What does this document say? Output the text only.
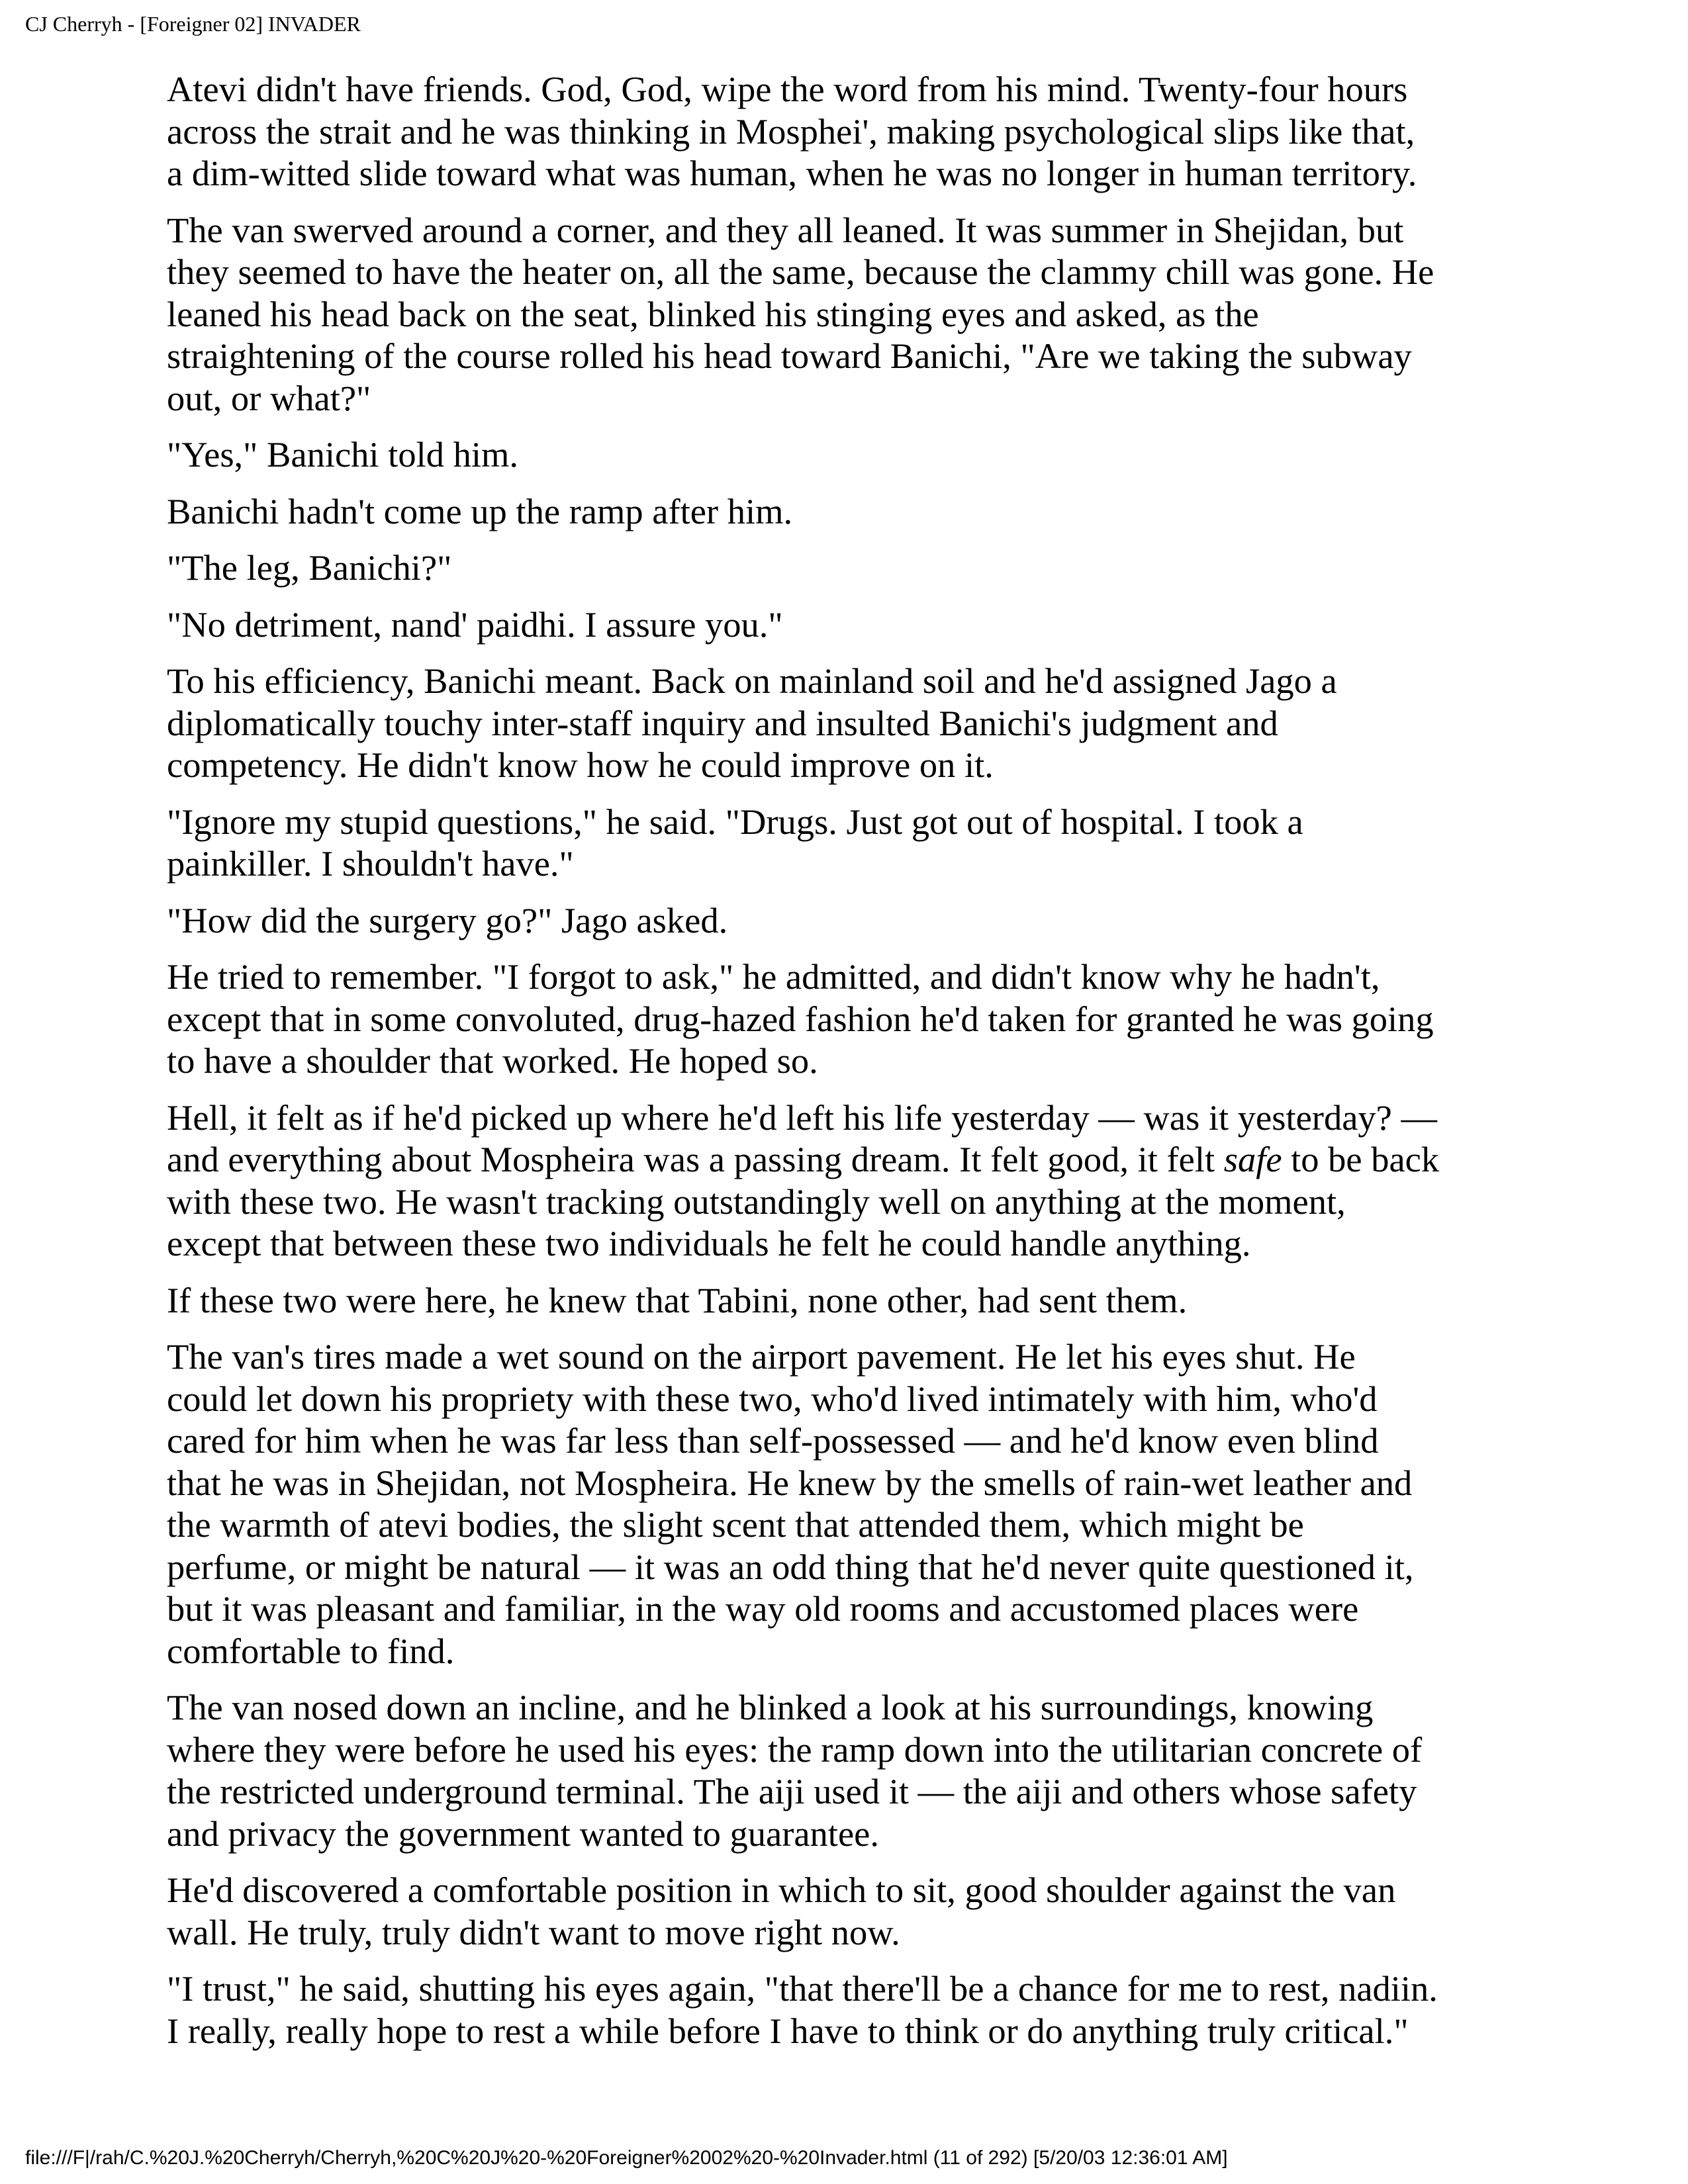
CJ Cherryh - [Foreigner 02] INVADER

Atevi didn't have friends. God, God, wipe the word from his mind. Twenty-four hours
across the strait and he was thinking in Mosphei', making psychological slips like that,
a dim-witted slide toward what was human, when he was no longer in human territory.

The van swerved around a corner, and they all leaned. It was summer in Shejidan, but
they seemed to have the heater on, all the same, because the clammy chill was gone. He
leaned his head back on the seat, blinked his stinging eyes and asked, as the
straightening of the course rolled his head toward Banichi, "Are we taking the subway
out, or what?"

"Yes," Banichi told him.

Banichi hadn't come up the ramp after him.

"The leg, Banichi?"

"No detriment, nand' paidhi. I assure you."

To his efficiency, Banichi meant. Back on mainland soil and he'd assigned Jago a
diplomatically touchy inter-staff inquiry and insulted Banichi's judgment and
competency. He didn't know how he could improve on it.

"Ignore my stupid questions," he said. "Drugs. Just got out of hospital. I took a
painkiller. I shouldn't have."

"How did the surgery go?" Jago asked.

He tried to remember. "I forgot to ask," he admitted, and didn't know why he hadn't,
except that in some convoluted, drug-hazed fashion he'd taken for granted he was going
to have a shoulder that worked. He hoped so.

Hell, it felt as if he'd picked up where he'd left his life yesterday — was it yesterday? —
and everything about Mospheira was a passing dream. It felt good, it felt safe to be back
with these two. He wasn't tracking outstandingly well on anything at the moment,
except that between these two individuals he felt he could handle anything.

If these two were here, he knew that Tabini, none other, had sent them.

The van's tires made a wet sound on the airport pavement. He let his eyes shut. He
could let down his propriety with these two, who'd lived intimately with him, who'd
cared for him when he was far less than self-possessed — and he'd know even blind
that he was in Shejidan, not Mospheira. He knew by the smells of rain-wet leather and
the warmth of atevi bodies, the slight scent that attended them, which might be
perfume, or might be natural — it was an odd thing that he'd never quite questioned it,
but it was pleasant and familiar, in the way old rooms and accustomed places were
comfortable to find.

The van nosed down an incline, and he blinked a look at his surroundings, knowing
where they were before he used his eyes: the ramp down into the utilitarian concrete of
the restricted underground terminal. The aiji used it — the aiji and others whose safety
and privacy the government wanted to guarantee.

He'd discovered a comfortable position in which to sit, good shoulder against the van
wall. He truly, truly didn't want to move right now.

"I trust," he said, shutting his eyes again, "that there'll be a chance for me to rest, nadiin.
I really, really hope to rest a while before I have to think or do anything truly critical."

file:///F|/rah/C.%20J.%20Cherryh/Cherryh,%20C%20J%20-%20Foreigner%2002%20-%20Invader.html (11 of 292) [5/20/03 12:36:01 AM]
